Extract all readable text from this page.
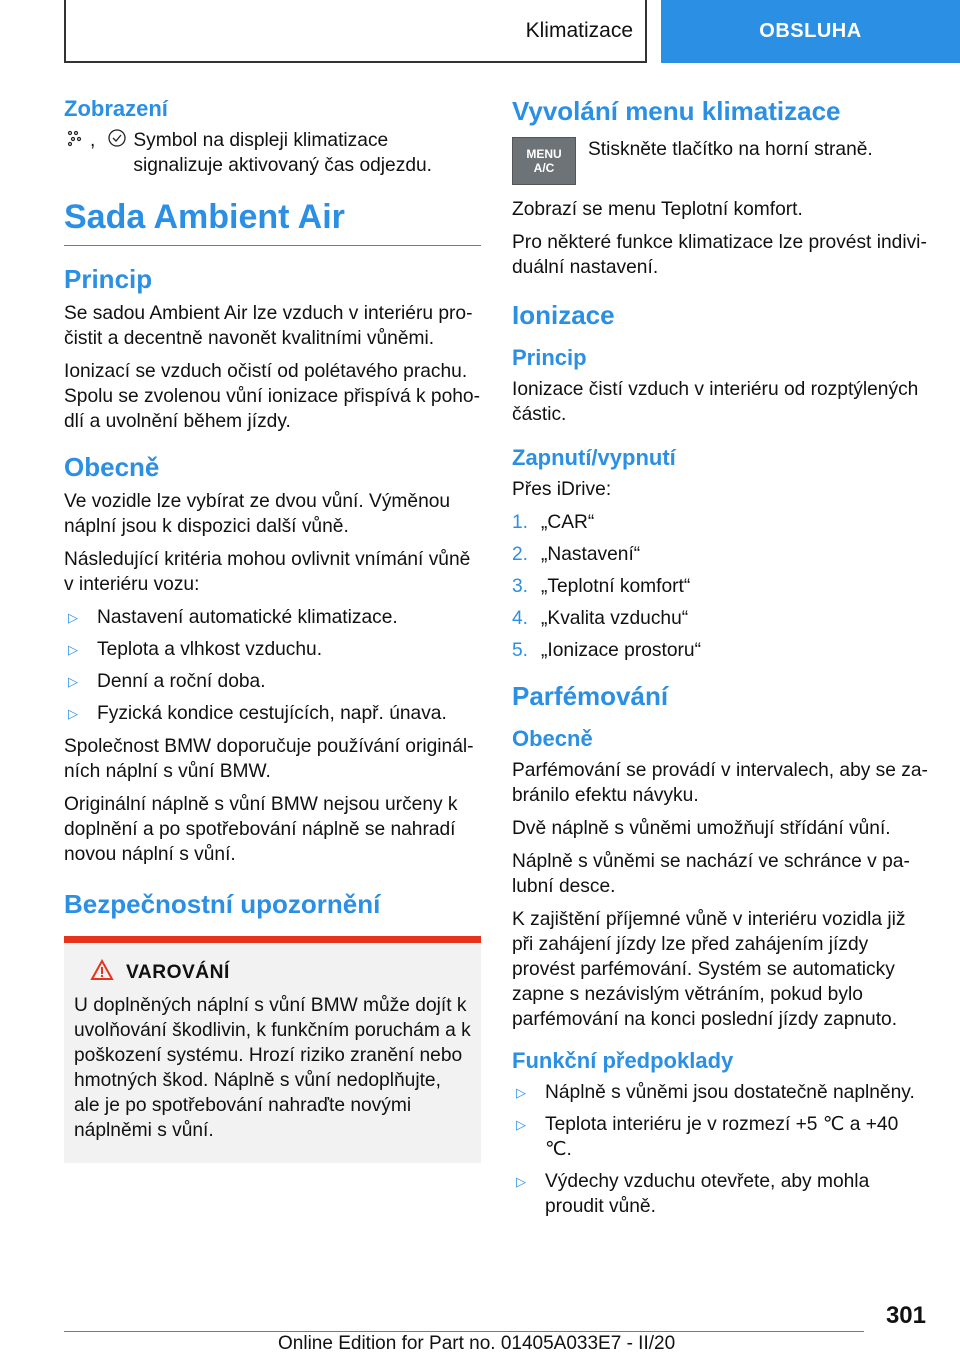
Klimatizace	OBSLUHA
Zobrazení
, Symbol na displeji klimatizace signalizuje aktivovaný čas odjezdu.
Sada Ambient Air
Princip

Se sadou Ambient Air lze vzduch v interiéru pročistit a decentně navonět kvalitními vůněmi.

Ionizací se vzduch očistí od polétavého prachu. Spolu se zvolenou vůní ionizace přispívá k pohodlí a uvolnění během jízdy.

Obecně

Ve vozidle lze vybírat ze dvou vůní. Výměnou náplní jsou k dispozici další vůně.

Následující kritéria mohou ovlivnit vnímání vůně v interiéru vozu:

▷ Nastavení automatické klimatizace.
▷ Teplota a vlhkost vzduchu.
▷ Denní a roční doba.
▷ Fyzická kondice cestujících, např. únava.

Společnost BMW doporučuje používání originálních náplní s vůní BMW.

Originální náplně s vůní BMW nejsou určeny k doplnění a po spotřebování náplně se nahradí novou náplní s vůní.

Bezpečnostní upozornění
VAROVÁNÍ

U doplněných náplní s vůní BMW může dojít k uvolňování škodlivin, k funkčním poruchám a k poškození systému. Hrozí riziko zranění nebo hmotných škod. Náplně s vůní nedoplňujte, ale je po spotřebování nahraďte novými náplněmi s vůní.

Vyvolání menu klimatizace
MENU
A/C
Stiskněte tlačítko na horní straně.

Zobrazí se menu Teplotní komfort.

Pro některé funkce klimatizace lze provést individuální nastavení.

Ionizace
Princip

Ionizace čistí vzduch v interiéru od rozptýlených částic.

Zapnutí/vypnutí

Přes iDrive:

1. „CAR“
2. „Nastavení“
3. „Teplotní komfort“
4. „Kvalita vzduchu“
5. „Ionizace prostoru“
Parfémování
Obecně

Parfémování se provádí v intervalech, aby se zabránilo efektu návyku.

Dvě náplně s vůněmi umožňují střídání vůní.

Náplně s vůněmi se nachází ve schránce v palubní desce.

K zajištění příjemné vůně v interiéru vozidla již při zahájení jízdy lze před zahájením jízdy provést parfémování. Systém se automaticky zapne s nezávislým větráním, pokud bylo parfémování na konci poslední jízdy zapnuto.

Funkční předpoklady
▷ Náplně s vůněmi jsou dostatečně naplněny.
▷ Teplota interiéru je v rozmezí +5 ℃ a +40 ℃.
▷ Výdechy vzduchu otevřete, aby mohla proudit vůně.
301
Online Edition for Part no. 01405A033E7 - II/20
